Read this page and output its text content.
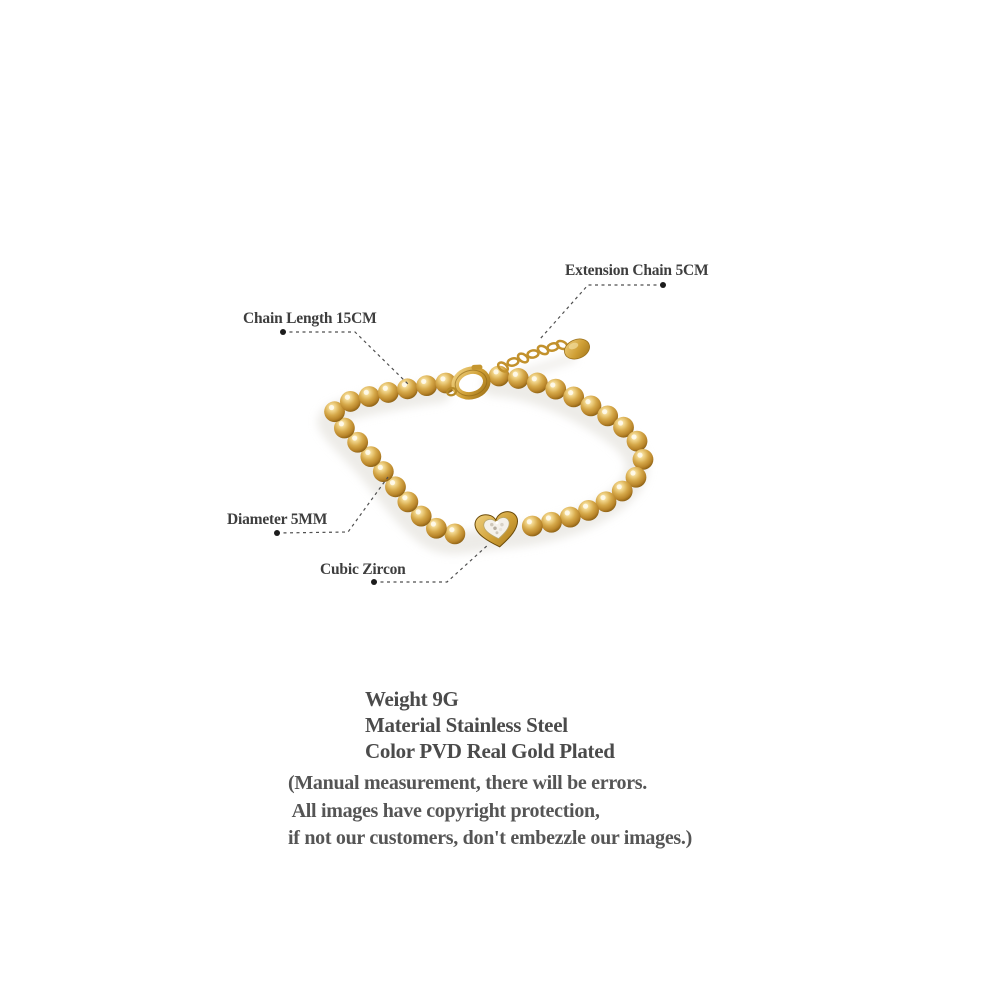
Extension Chain 5CM
Chain Length 15CM
Diameter 5MM
Cubic Zircon
Weight 9G
Material Stainless Steel
Color PVD Real Gold Plated
(Manual measurement, there will be errors.
All images have copyright protection,
if not our customers, don't embezzle our images.)
